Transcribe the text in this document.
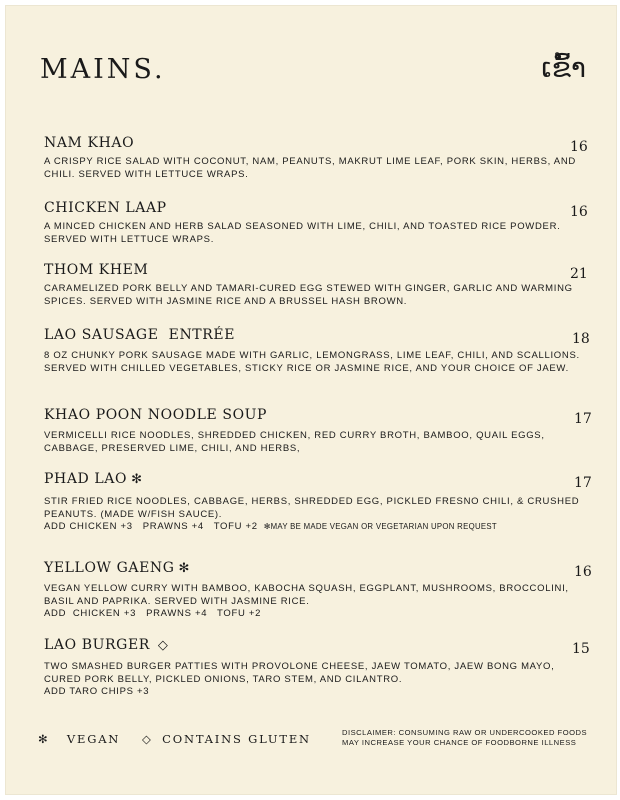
MAINS.	ເຂົ້າ

NAM KHAO	16

A CRISPY RICE SALAD WITH COCONUT, NAM, PEANUTS, MAKRUT LIME LEAF, PORK SKIN, HERBS, AND CHILI. SERVED WITH LETTUCE WRAPS.

CHICKEN LAAP	16

A MINCED CHICKEN AND HERB SALAD SEASONED WITH LIME, CHILI, AND TOASTED RICE POWDER. SERVED WITH LETTUCE WRAPS.

THOM KHEM	21

CARAMELIZED PORK BELLY AND TAMARI-CURED EGG STEWED WITH GINGER, GARLIC AND WARMING SPICES. SERVED WITH JASMINE RICE AND A BRUSSEL HASH BROWN.

LAO SAUSAGE  ENTRÉE	18

8 OZ CHUNKY PORK SAUSAGE MADE WITH GARLIC, LEMONGRASS, LIME LEAF, CHILI, AND SCALLIONS. SERVED WITH CHILLED VEGETABLES, STICKY RICE OR JASMINE RICE, AND YOUR CHOICE OF JAEW.

KHAO POON NOODLE SOUP	17

VERMICELLI RICE NOODLES, SHREDDED CHICKEN, RED CURRY BROTH, BAMBOO, QUAIL EGGS, CABBAGE, PRESERVED LIME, CHILI, AND HERBS,

PHAD LAO ✻	17

STIR FRIED RICE NOODLES, CABBAGE, HERBS, SHREDDED EGG, PICKLED FRESNO CHILI, & CRUSHED PEANUTS. (MADE W/FISH SAUCE).

ADD CHICKEN +3   PRAWNS +4   TOFU +2 ✻MAY BE MADE VEGAN OR VEGETARIAN UPON REQUEST

YELLOW GAENG ✻	16

VEGAN YELLOW CURRY WITH BAMBOO, KABOCHA SQUASH, EGGPLANT, MUSHROOMS, BROCCOLINI, BASIL AND PAPRIKA. SERVED WITH JASMINE RICE.

ADD  CHICKEN +3   PRAWNS +4   TOFU +2

LAO BURGER ◇	15

TWO SMASHED BURGER PATTIES WITH PROVOLONE CHEESE, JAEW TOMATO, JAEW BONG MAYO, CURED PORK BELLY, PICKLED ONIONS, TARO STEM, AND CILANTRO.

ADD TARO CHIPS +3

✻ VEGAN ◇ CONTAINS GLUTEN	DISCLAIMER: CONSUMING RAW OR UNDERCOOKED FOODS
MAY INCREASE YOUR CHANCE OF FOODBORNE ILLNESS
